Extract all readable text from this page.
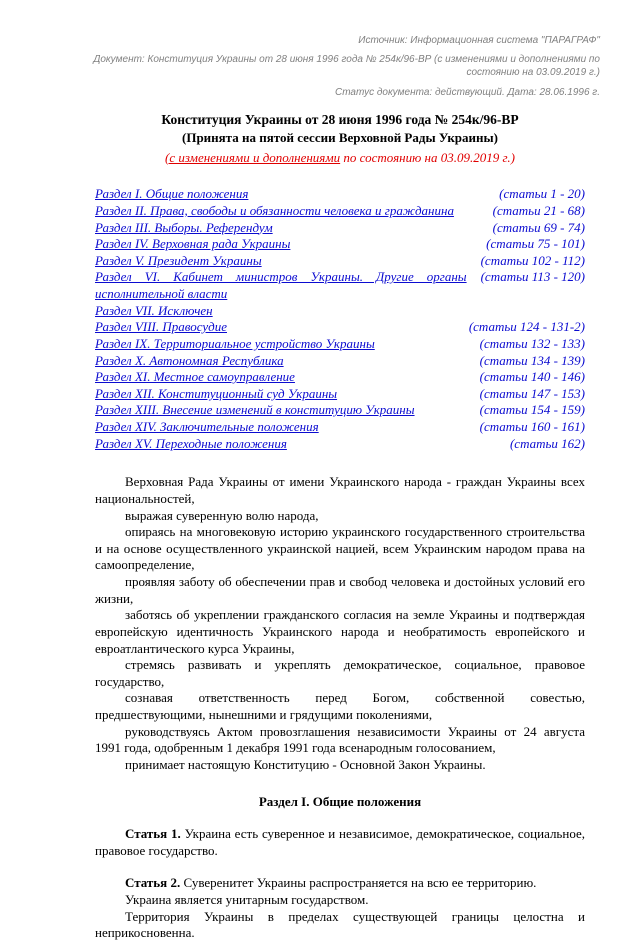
Источник: Информационная система "ПАРАГРАФ"

Документ: Конституция Украины от 28 июня 1996 года № 254к/96-ВР (с изменениями и дополнениями по состоянию на 03.09.2019 г.)

Статус документа: действующий. Дата: 28.06.1996 г.

Конституция Украины от 28 июня 1996 года № 254к/96-ВР

(Принята на пятой сессии Верховной Рады Украины)

(с изменениями и дополнениями по состоянию на 03.09.2019 г.)

(статьи 1 - 20)
Раздел I. Общие положения
(статьи 21 - 68)
Раздел II. Права, свободы и обязанности человека и гражданина
(статьи 69 - 74)
Раздел III. Выборы. Референдум
(статьи 75 - 101)
Раздел IV. Верховная рада Украины
(статьи 102 - 112)
Раздел V. Президент Украины
(статьи 113 - 120)
Раздел VI. Кабинет министров Украины. Другие органы исполнительной власти
Раздел VII. Исключен
(статьи 124 - 131-2)
Раздел VIII. Правосудие
(статьи 132 - 133)
Раздел IX. Территориальное устройство Украины
(статьи 134 - 139)
Раздел X. Автономная Республика
(статьи 140 - 146)
Раздел XI. Местное самоуправление
(статьи 147 - 153)
Раздел XII. Конституционный суд Украины
(статьи 154 - 159)
Раздел XIII. Внесение изменений в конституцию Украины
(статьи 160 - 161)
Раздел XIV. Заключительные положения
(статьи 162)
Раздел XV. Переходные положения

Верховная Рада Украины от имени Украинского народа - граждан Украины всех национальностей,

выражая суверенную волю народа,

опираясь на многовековую историю украинского государственного строительства и на основе осуществленного украинской нацией, всем Украинским народом права на самоопределение,

проявляя заботу об обеспечении прав и свобод человека и достойных условий его жизни,

заботясь об укреплении гражданского согласия на земле Украины и подтверждая европейскую идентичность Украинского народа и необратимость европейского и евроатлантического курса Украины,

стремясь развивать и укреплять демократическое, социальное, правовое государство,

сознавая ответственность перед Богом, собственной совестью, предшествующими, нынешними и грядущими поколениями,

руководствуясь Актом провозглашения независимости Украины от 24 августа 1991 года, одобренным 1 декабря 1991 года всенародным голосованием,

принимает настоящую Конституцию - Основной Закон Украины.

Раздел I. Общие положения

Статья 1. Украина есть суверенное и независимое, демократическое, социальное, правовое государство.

Статья 2. Суверенитет Украины распространяется на всю ее территорию.

Украина является унитарным государством.

Территория Украины в пределах существующей границы целостна и неприкосновенна.
